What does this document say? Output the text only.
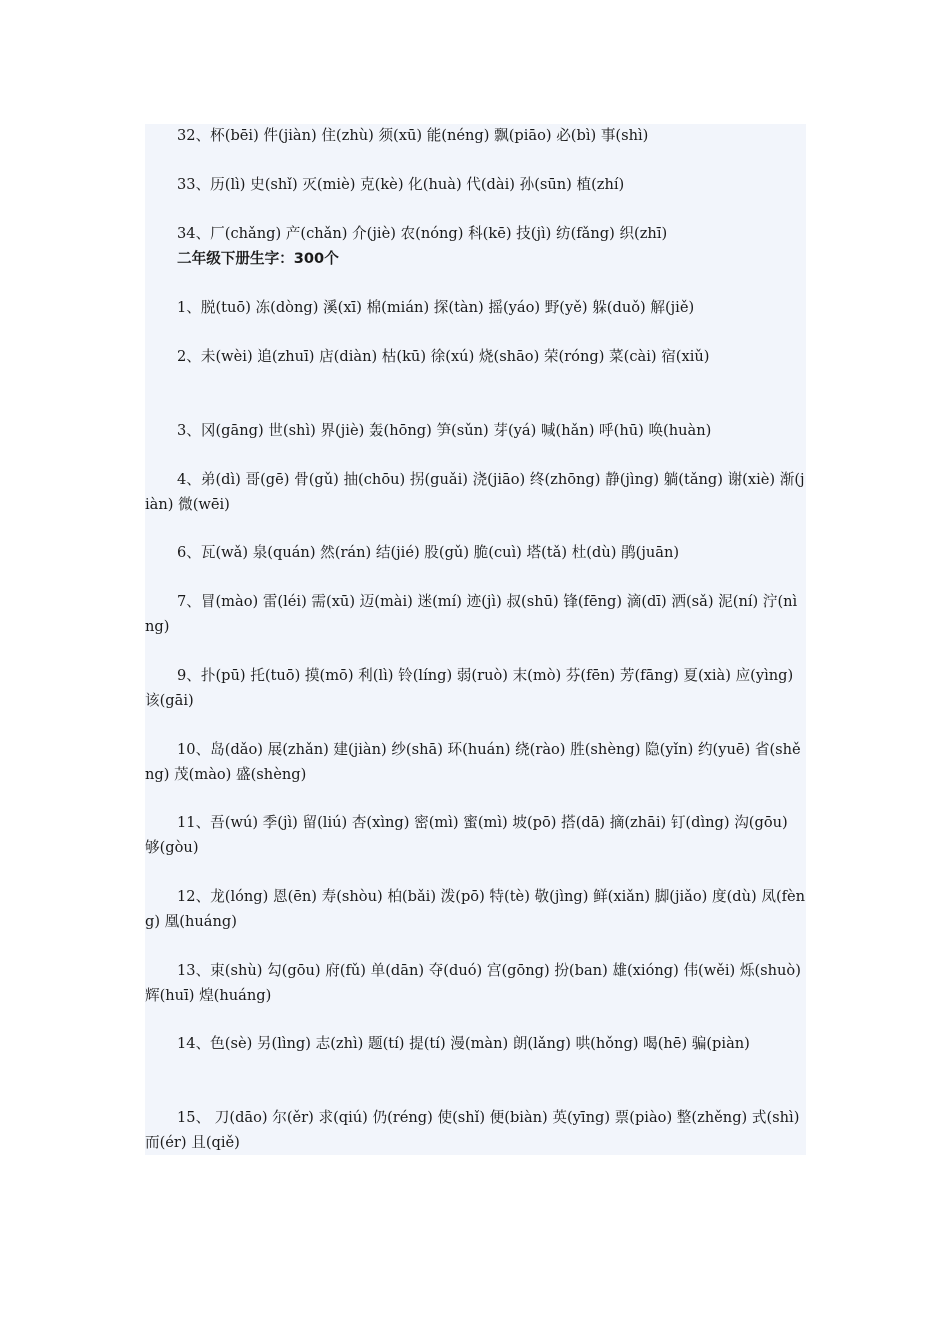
32、杯(bēi) 件(jiàn) 住(zhù) 须(xū) 能(néng) 飘(piāo) 必(bì) 事(shì)
33、历(lì) 史(shǐ) 灭(miè) 克(kè) 化(huà) 代(dài) 孙(sūn) 植(zhí)
34、厂(chǎng) 产(chǎn) 介(jiè) 农(nóng) 科(kē) 技(jì) 纺(fǎng) 织(zhī)
二年级下册生字：300个
1、脱(tuō) 冻(dòng) 溪(xī) 棉(mián) 探(tàn) 摇(yáo) 野(yě) 躲(duǒ) 解(jiě)
2、未(wèi) 追(zhuī) 店(diàn) 枯(kū) 徐(xú) 烧(shāo) 荣(róng) 菜(cài) 宿(xiǔ)
3、冈(gāng) 世(shì) 界(jiè) 轰(hōng) 笋(sǔn) 芽(yá) 喊(hǎn) 呼(hū) 唤(huàn)
4、弟(dì) 哥(gē) 骨(gǔ) 抽(chōu) 拐(guǎi) 浇(jiāo) 终(zhōng) 静(jìng) 躺(tǎng) 谢(xiè) 渐(jiàn) 微(wēi)
6、瓦(wǎ) 泉(quán) 然(rán) 结(jié) 股(gǔ) 脆(cuì) 塔(tǎ) 杜(dù) 鹃(juān)
7、冒(mào) 雷(léi) 需(xū) 迈(mài) 迷(mí) 迹(jì) 叔(shū) 锋(fēng) 滴(dī) 洒(sǎ) 泥(ní) 泞(nìng)
9、扑(pū) 托(tuō) 摸(mō) 利(lì) 铃(líng) 弱(ruò) 末(mò) 芬(fēn) 芳(fāng) 夏(xià) 应(yìng) 该(gāi)
10、岛(dǎo) 展(zhǎn) 建(jiàn) 纱(shā) 环(huán) 绕(rào) 胜(shèng) 隐(yǐn) 约(yuē) 省(shěng) 茂(mào) 盛(shèng)
11、吾(wú) 季(jì) 留(liú) 杏(xìng) 密(mì) 蜜(mì) 坡(pō) 搭(dā) 摘(zhāi) 钉(dìng) 沟(gōu) 够(gòu)
12、龙(lóng) 恩(ēn) 寿(shòu) 柏(bǎi) 泼(pō) 特(tè) 敬(jìng) 鲜(xiǎn) 脚(jiǎo) 度(dù) 凤(fèng) 凰(huáng)
13、束(shù) 勾(gōu) 府(fǔ) 单(dān) 夺(duó) 宫(gōng) 扮(ban) 雄(xióng) 伟(wěi) 烁(shuò) 辉(huī) 煌(huáng)
14、色(sè) 另(lìng) 志(zhì) 题(tí) 提(tí) 漫(màn) 朗(lǎng) 哄(hǒng) 喝(hē) 骗(piàn)
15、 刀(dāo) 尔(ěr) 求(qiú) 仍(réng) 使(shǐ) 便(biàn) 英(yīng) 票(piào) 整(zhěng) 式(shì) 而(ér) 且(qiě)
